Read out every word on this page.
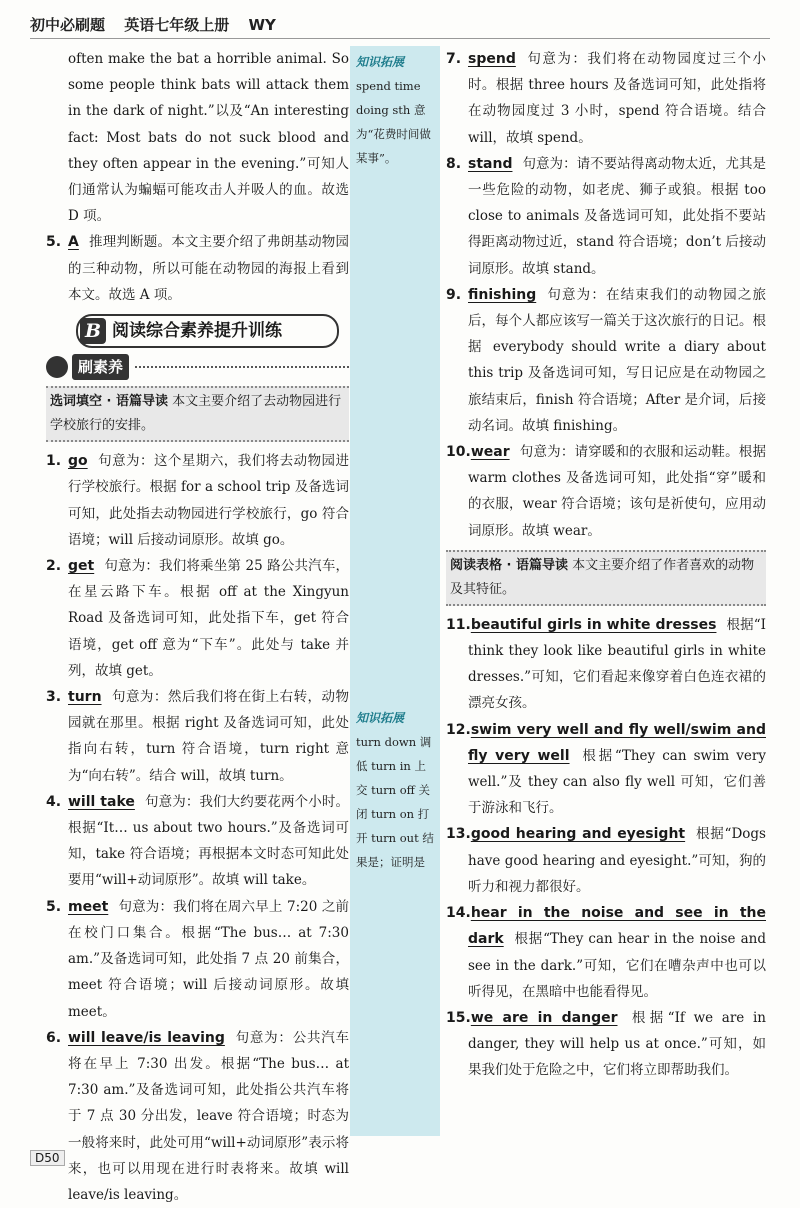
初中必刷题 英语七年级上册 WY

often make the bat a horrible animal. So some people think bats will attack them in the dark of night.”以及“An interesting fact: Most bats do not suck blood and they often appear in the evening.”可知人们通常认为蝙蝠可能攻击人并吸人的血。故选 D 项。

5. A 推理判断题。本文主要介绍了弗朗基动物园的三种动物，所以可能在动物园的海报上看到本文。故选 A 项。

B 阅读综合素养提升训练
刷素养
选词填空 · 语篇导读 本文主要介绍了去动物园进行学校旅行的安排。

1. go 句意为：这个星期六，我们将去动物园进行学校旅行。根据 for a school trip 及备选词可知，此处指去动物园进行学校旅行，go 符合语境；will 后接动词原形。故填 go。

2. get 句意为：我们将乘坐第 25 路公共汽车，在星云路下车。根据 off at the Xingyun Road 及备选词可知，此处指下车，get 符合语境，get off 意为“下车”。此处与 take 并列，故填 get。

3. turn 句意为：然后我们将在街上右转，动物园就在那里。根据 right 及备选词可知，此处指向右转，turn 符合语境，turn right 意为“向右转”。结合 will，故填 turn。

4. will take 句意为：我们大约要花两个小时。根据“It… us about two hours.”及备选词可知，take 符合语境；再根据本文时态可知此处要用“will+动词原形”。故填 will take。

5. meet 句意为：我们将在周六早上 7:20 之前在校门口集合。根据“The bus… at 7:30 am.”及备选词可知，此处指 7 点 20 前集合，meet 符合语境；will 后接动词原形。故填 meet。

6. will leave/is leaving 句意为：公共汽车将在早上 7:30 出发。根据“The bus… at 7:30 am.”及备选词可知，此处指公共汽车将于 7 点 30 分出发，leave 符合语境；时态为一般将来时，此处可用“will+动词原形”表示将来，也可以用现在进行时表将来。故填 will leave/is leaving。

知识拓展
spend time doing sth 意为“花费时间做某事”。
知识拓展
turn down 调低 turn in 上交 turn off 关闭 turn on 打开 turn out 结果是；证明是

7. spend 句意为：我们将在动物园度过三个小时。根据 three hours 及备选词可知，此处指将在动物园度过 3 小时，spend 符合语境。结合 will，故填 spend。

8. stand 句意为：请不要站得离动物太近，尤其是一些危险的动物，如老虎、狮子或狼。根据 too close to animals 及备选词可知，此处指不要站得距离动物过近，stand 符合语境；don’t 后接动词原形。故填 stand。

9. finishing 句意为：在结束我们的动物园之旅后，每个人都应该写一篇关于这次旅行的日记。根据 everybody should write a diary about this trip 及备选词可知，写日记应是在动物园之旅结束后，finish 符合语境；After 是介词，后接动名词。故填 finishing。

10.wear 句意为：请穿暖和的衣服和运动鞋。根据 warm clothes 及备选词可知，此处指“穿”暖和的衣服，wear 符合语境；该句是祈使句，应用动词原形。故填 wear。

阅读表格 · 语篇导读 本文主要介绍了作者喜欢的动物及其特征。

11.beautiful girls in white dresses 根据“I think they look like beautiful girls in white dresses.”可知，它们看起来像穿着白色连衣裙的漂亮女孩。

12.swim very well and fly well/swim and fly very well 根据“They can swim very well.”及 they can also fly well 可知，它们善于游泳和飞行。

13.good hearing and eyesight 根据“Dogs have good hearing and eyesight.”可知，狗的听力和视力都很好。

14.hear in the noise and see in the dark 根据“They can hear in the noise and see in the dark.”可知，它们在嘈杂声中也可以听得见，在黑暗中也能看得见。

15.we are in danger 根据“If we are in danger, they will help us at once.”可知，如果我们处于危险之中，它们将立即帮助我们。

D50
